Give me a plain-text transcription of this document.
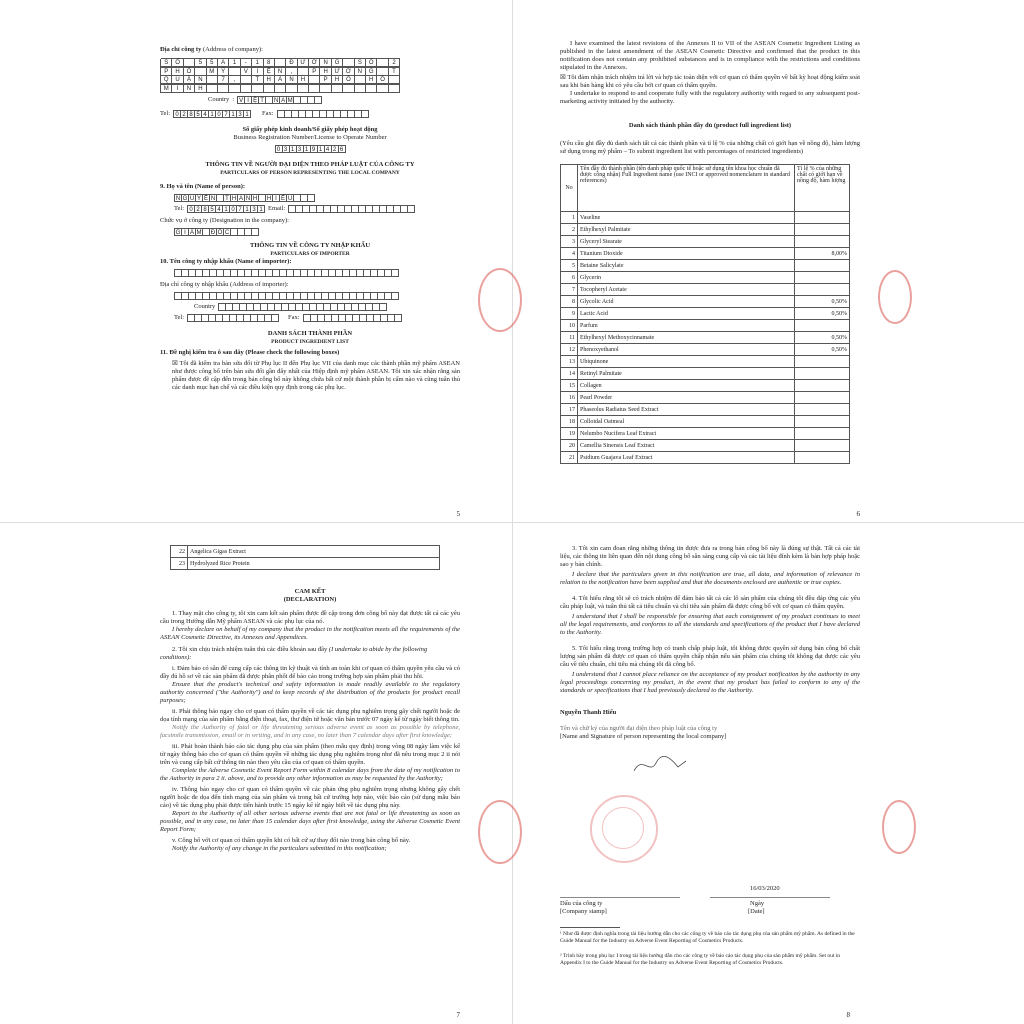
Địa chỉ công ty (Address of company):

S	Ố	5	5	A	1	-	1	8	Đ	Ư	Ờ	N	G	S	Ố	2
P	H	Ố	M	Ỹ	V	I	Ệ	N	,	P	H	Ư	Ờ	N	G	T
Q	U	Ậ	N	7	,	T	H	À	N	H	P	H	Ố	H	Ồ
M	I	N	H
Country : V I Ệ T	N A M
Tel: 0 2 8 5 4 1 0 7 1 3 1	Fax:

Số giấy phép kinh doanh/Số giấy phép hoạt động

Business Registration Number/License to Operate Number

0 3 1 3 1 9 1 4 2 6

THÔNG TIN VỀ NGƯỜI ĐẠI DIỆN THEO PHÁP LUẬT CỦA CÔNG TY

PARTICULARS OF PERSON REPRESENTING THE LOCAL COMPANY

9. Họ và tên (Name of person):

N G U Y Ễ N	T H A N H	H I Ế U
Tel: 0 2 8 5 4 1 0 7 1 3 1 Email:

Chức vụ ở công ty (Designation in the company):

G I Á M Đ Ố C

THÔNG TIN VỀ CÔNG TY NHẬP KHẨU

PARTICULARS OF IMPORTER

10. Tên công ty nhập khẩu (Name of importer):

Địa chỉ công ty nhập khẩu (Address of importer):

Country
Tel:	Fax:

DANH SÁCH THÀNH PHẦN

PRODUCT INGREDIENT LIST

11. Đề nghị kiểm tra ô sau đây (Please check the following boxes)

☒ Tôi đã kiểm tra bản sửa đổi từ Phụ lục II đến Phụ lục VII của danh mục các thành phần mỹ phẩm ASEAN như được công bố trên bản sửa đổi gần đây nhất của Hiệp định mỹ phẩm ASEAN. Tôi xin xác nhận rằng sản phẩm được đề cập đến trong bản công bố này không chứa bất cứ một thành phần bị cấm nào và cũng tuân thủ các danh mục hạn chế và các điều kiện quy định trong các phụ lục.

5

I have examined the latest revisions of the Annexes II to VII of the ASEAN Cosmetic Ingredient Listing as published in the latest amendment of the ASEAN Cosmetic Directive and confirmed that the product in this notification does not contain any prohibited substances and is in compliance with the restrictions and conditions stipulated in the Annexes.

☒ Tôi đảm nhận trách nhiệm trả lời và hợp tác toàn diện với cơ quan có thẩm quyền về bất kỳ hoạt động kiểm soát sau khi bán hàng khi có yêu cầu bởi cơ quan có thẩm quyền.

I undertake to respond to and cooperate fully with the regulatory authority with regard to any subsequent post-marketing activity initiated by the authority.

Danh sách thành phần đầy đủ (product full ingredient list)

(Yêu cầu ghi đầy đủ danh sách tất cả các thành phần và tỉ lệ % của những chất có giới hạn về nồng độ, hàm lượng sử dụng trong mỹ phẩm – To submit ingredient list with percentages of restricted ingredients)

No	Tên đầy đủ thành phần (tên danh pháp quốc tế hoặc sử dụng tên khoa học chuẩn đã được công nhận) Full Ingredient name (use INCI or approved nomenclature in standard references)	Tỉ lệ % của những chất có giới hạn về nồng độ, hàm lượng
1	Vaseline	
2	Ethylhexyl Palmitate	
3	Glyceryl Stearate	
4	Titanium Dioxide	8,00%
5	Betaine Salicylate	
6	Glycerin	
7	Tocopheryl Acetate	
8	Glycolic Acid	0,50%
9	Lactic Acid	0,50%
10	Parfum	
11	Ethylhexyl Methoxycinnamate	0,50%
12	Phenoxyethanol	0,50%
13	Ubiquinone	
14	Retinyl Palmitate	
15	Collagen	
16	Pearl Powder	
17	Phaseolus Radiatus Seed Extract	
18	Colloidal Oatmeal	
19	Nelumbo Nucifera Leaf Extract	
20	Camellia Sinensis Leaf Extract	
21	Psidium Guajava Leaf Extract	
6
22	Angelica Gigas Extract
23	Hydrolyzed Rice Protein

CAM KẾT

(DECLARATION)

1. Thay mặt cho công ty, tôi xin cam kết sản phẩm được đề cập trong đơn công bố này đạt được tất cả các yêu cầu trong Hướng dẫn Mỹ phẩm ASEAN và các phụ lục của nó.

I hereby declare on behalf of my company that the product in the notification meets all the requirements of the ASEAN Cosmetic Directive, its Annexes and Appendices.

2. Tôi xin chịu trách nhiệm tuân thủ các điều khoản sau đây (I undertake to abide by the following conditions):

i. Đảm bảo có sẵn để cung cấp các thông tin kỹ thuật và tính an toàn khi cơ quan có thẩm quyền yêu cầu và có đầy đủ hồ sơ về các sản phẩm đã được phân phối để bảo cáo trong trường hợp sản phẩm phải thu hồi.

Ensure that the product's technical and safety information is made readily available to the regulatory authority concerned ("the Authority") and to keep records of the distribution of the products for product recall purposes;

ii. Phải thông báo ngay cho cơ quan có thẩm quyền về các tác dụng phụ nghiêm trọng gây chết người hoặc đe dọa tính mạng của sản phẩm bằng điện thoại, fax, thư điện tử hoặc văn bản trước 07 ngày kể từ ngày biết thông tin.

Notify the Authority of fatal or life threatening serious adverse event as soon as possible by telephone, facsimile transmission, email or in writing, and in any case, no later than 7 calendar days after first knowledge;

iii. Phải hoàn thành báo cáo tác dụng phụ của sản phẩm (theo mẫu quy định) trong vòng 08 ngày làm việc kể từ ngày thông báo cho cơ quan có thẩm quyền về những tác dụng phụ nghiêm trọng như đã nêu trong mục 2 ii nói trên và cung cấp bất cứ thông tin nào theo yêu cầu của cơ quan có thẩm quyền.

Complete the Adverse Cosmetic Event Report Form within 8 calendar days from the date of my notification to the Authority in para 2 ii. above, and to provide any other information as may be requested by the Authority;

iv. Thông báo ngay cho cơ quan có thẩm quyền về các phản ứng phụ nghiêm trọng nhưng không gây chết người hoặc đe dọa đến tính mạng của sản phẩm và trong bất cứ trường hợp nào, việc báo cáo (sử dụng mẫu báo cáo) về tác dụng phụ phải được tiến hành trước 15 ngày kể từ ngày biết về tác dụng phụ này.

Report to the Authority of all other serious adverse events that are not fatal or life threatening as soon as possible, and in any case, no later than 15 calendar days after first knowledge, using the Adverse Cosmetic Event Report Form;

v. Công bố với cơ quan có thẩm quyền khi có bất cứ sự thay đổi nào trong bản công bố này.

Notify the Authority of any change in the particulars submitted in this notification;

7

3. Tôi xin cam đoan rằng những thông tin được đưa ra trong bản công bố này là đúng sự thật. Tất cả các tài liệu, các thông tin liên quan đến nội dung công bố sẵn sàng cung cấp và các tài liệu đính kèm là bản hợp pháp hoặc sao y bản chính.

I declare that the particulars given in this notification are true, all data, and information of relevance in relation to the notification have been supplied and that the documents enclosed are authentic or true copies.

4. Tôi hiểu rằng tôi sẽ có trách nhiệm để đảm bảo tất cả các lô sản phẩm của chúng tôi đều đáp ứng các yêu cầu pháp luật, và tuân thủ tất cả tiêu chuẩn và chỉ tiêu sản phẩm đã được công bố với cơ quan có thẩm quyền.

I understand that I shall be responsible for ensuring that each consignment of my product continues to meet all the legal requirements, and conforms to all the standards and specifications of the product that I have declared to the Authority.

5. Tôi hiểu rằng trong trường hợp có tranh chấp pháp luật, tôi không được quyền sử dụng bản công bố chất lượng sản phẩm đã được cơ quan có thẩm quyền chấp nhận nếu sản phẩm của chúng tôi không đạt được các yêu cầu về tiêu chuẩn, chỉ tiêu mà chúng tôi đã công bố.

I understand that I cannot place reliance on the acceptance of my product notification by the authority in any legal proceedings concerning my product, in the event that my product has failed to conform to any of the standards or specifications that I had previously declared to the Authority.

Nguyễn Thanh Hiếu

Tên và chữ ký của người đại diện theo pháp luật của công ty

[Name and Signature of person representing the local company]

16/03/2020

Dấu của công ty

[Company stamp]

Ngày

[Date]

¹ Như đã được định nghĩa trong tài liệu hướng dẫn cho các công ty về báo cáo tác dụng phụ của sản phẩm mỹ phẩm. As defined in the Guide Manual for the Industry on Adverse Event Reporting of Cosmetics Products.

² Trình bày trong phụ lục I trong tài liệu hướng dẫn cho các công ty về báo cáo tác dụng phụ của sản phẩm mỹ phẩm. Set out in Appendix I to the Guide Manual for the Industry on Adverse Event Reporting of Cosmetics Products.

8
